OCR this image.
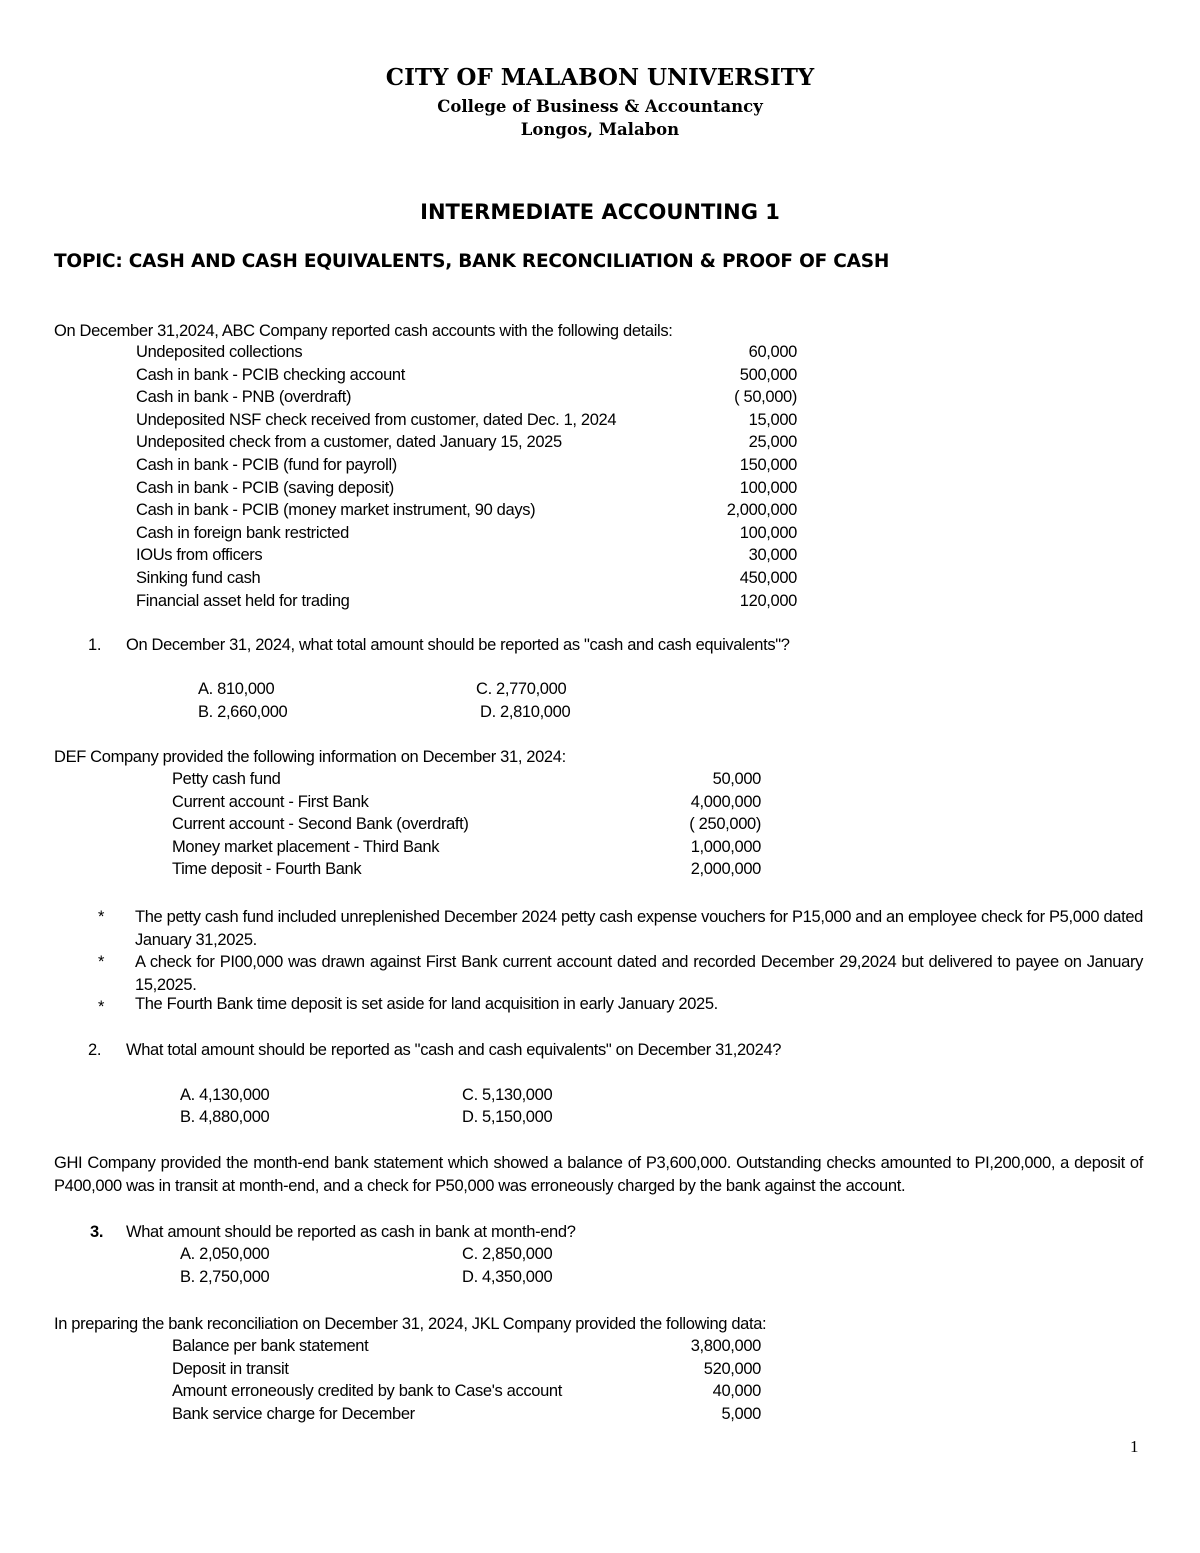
CITY OF MALABON UNIVERSITY
College of Business & Accountancy
Longos, Malabon
INTERMEDIATE ACCOUNTING 1
TOPIC: CASH AND CASH EQUIVALENTS, BANK RECONCILIATION & PROOF OF CASH
On December 31,2024, ABC Company reported cash accounts with the following details:
Undeposited collections	60,000
Cash in bank - PCIB checking account	500,000
Cash in bank - PNB (overdraft)	( 50,000)
Undeposited NSF check received from customer, dated Dec. 1, 2024	15,000
Undeposited check from a customer, dated January 15, 2025	25,000
Cash in bank - PCIB (fund for payroll)	150,000
Cash in bank - PCIB (saving deposit)	100,000
Cash in bank - PCIB (money market instrument, 90 days)	2,000,000
Cash in foreign bank restricted	100,000
IOUs from officers	30,000
Sinking fund cash	450,000
Financial asset held for trading	120,000
1. On December 31, 2024, what total amount should be reported as "cash and cash equivalents"?
A. 810,000	C. 2,770,000
B. 2,660,000	D. 2,810,000
DEF Company provided the following information on December 31, 2024:
Petty cash fund	50,000
Current account - First Bank	4,000,000
Current account - Second Bank (overdraft)	( 250,000)
Money market placement - Third Bank	1,000,000
Time deposit - Fourth Bank	2,000,000
* The petty cash fund included unreplenished December 2024 petty cash expense vouchers for P15,000 and an employee check for P5,000 dated January 31,2025.
* A check for PI00,000 was drawn against First Bank current account dated and recorded December 29,2024 but delivered to payee on January 15,2025.
* The Fourth Bank time deposit is set aside for land acquisition in early January 2025.
2. What total amount should be reported as "cash and cash equivalents" on December 31,2024?
A. 4,130,000	C. 5,130,000
B. 4,880,000	D. 5,150,000
GHI Company provided the month-end bank statement which showed a balance of P3,600,000. Outstanding checks amounted to PI,200,000, a deposit of P400,000 was in transit at month-end, and a check for P50,000 was erroneously charged by the bank against the account.
3. What amount should be reported as cash in bank at month-end?
A. 2,050,000	C. 2,850,000
B. 2,750,000	D. 4,350,000
In preparing the bank reconciliation on December 31, 2024, JKL Company provided the following data:
Balance per bank statement	3,800,000
Deposit in transit	520,000
Amount erroneously credited by bank to Case's account	40,000
Bank service charge for December	5,000
1
